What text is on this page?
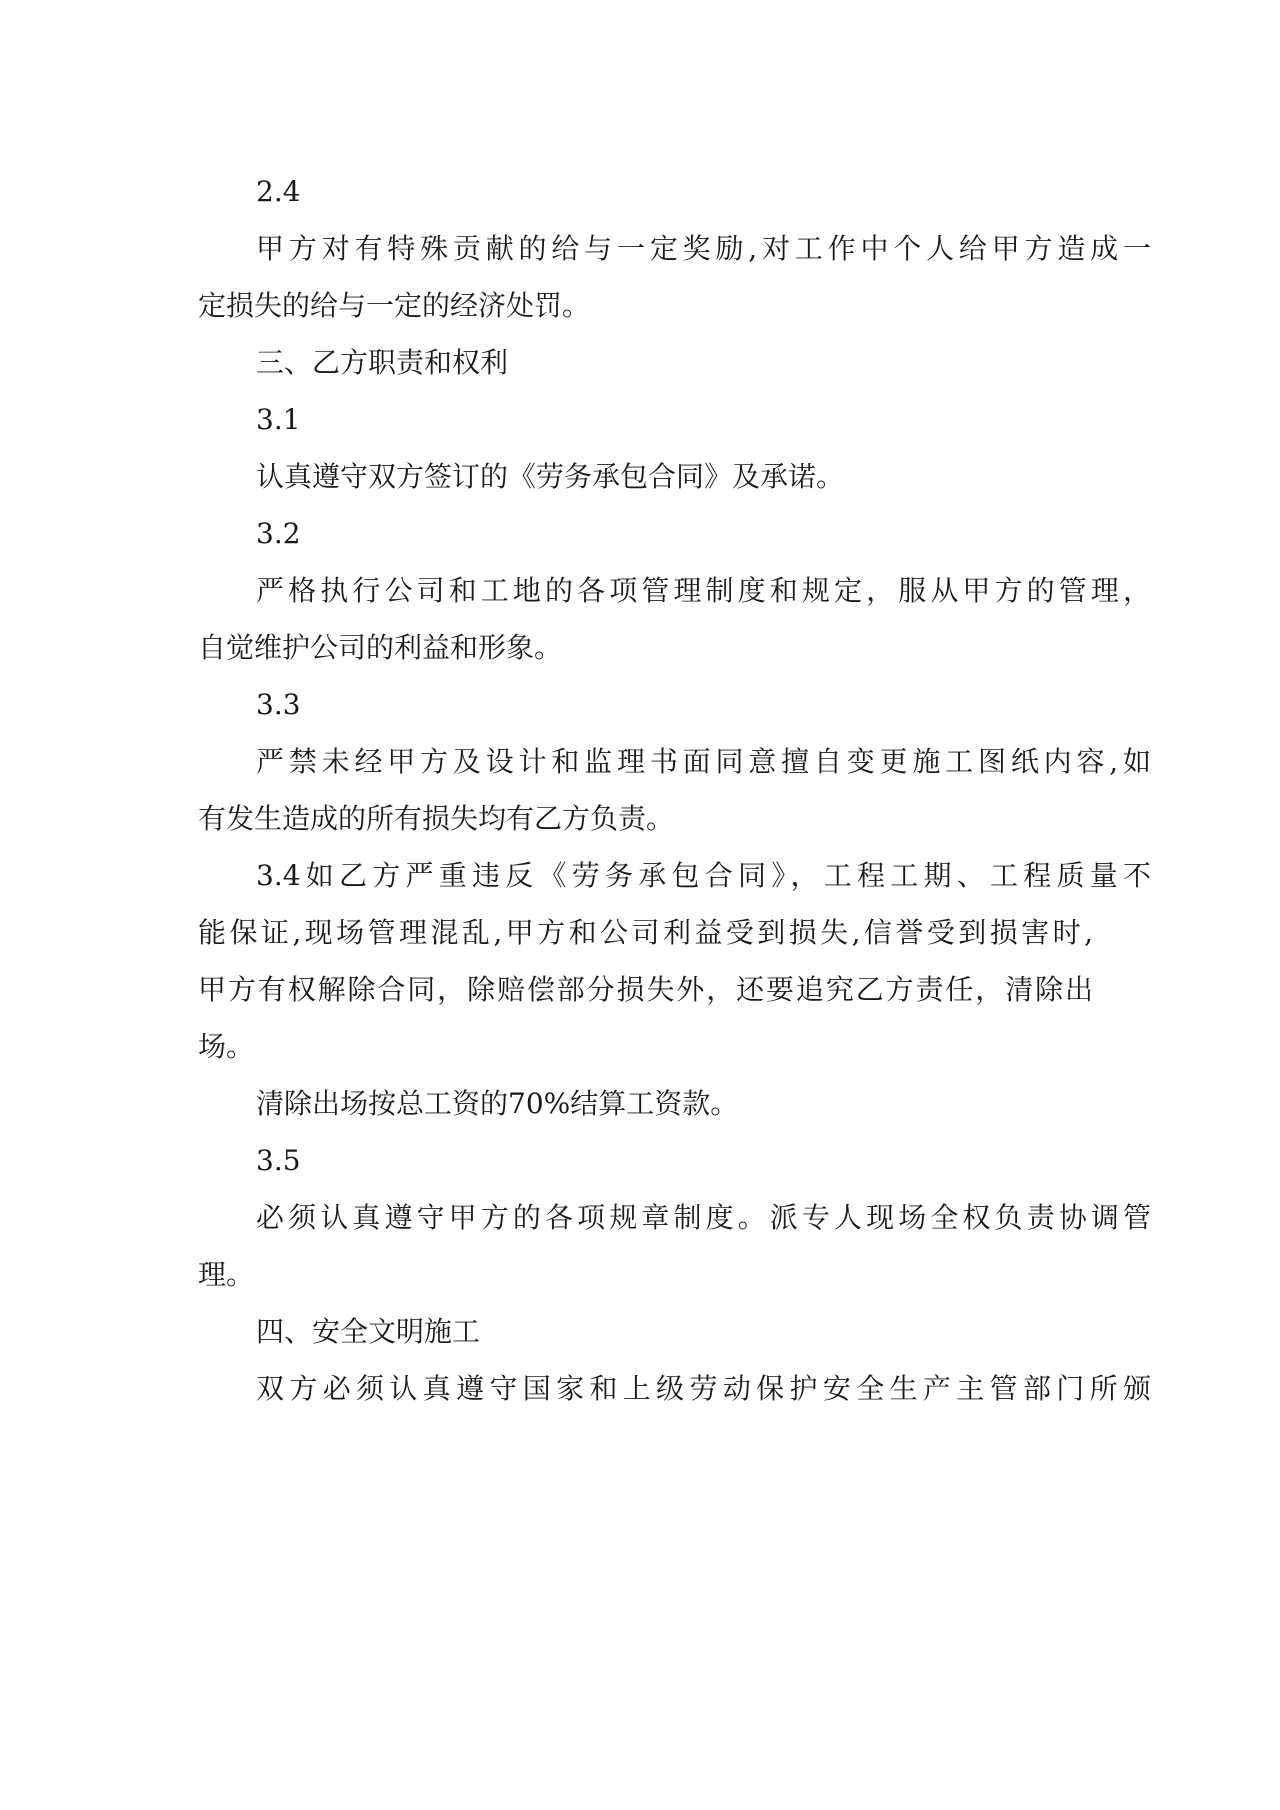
2.4
甲方对有特殊贡献的给与一定奖励,对工作中个人给甲方造成一
定损失的给与一定的经济处罚。
三、乙方职责和权利
3.1
认真遵守双方签订的《劳务承包合同》及承诺。
3.2
严格执行公司和工地的各项管理制度和规定，服从甲方的管理，
自觉维护公司的利益和形象。
3.3
严禁未经甲方及设计和监理书面同意擅自变更施工图纸内容,如
有发生造成的所有损失均有乙方负责。
3.4如乙方严重违反《劳务承包合同》，工程工期、工程质量不
能保证,现场管理混乱,甲方和公司利益受到损失,信誉受到损害时,
甲方有权解除合同，除赔偿部分损失外，还要追究乙方责任，清除出
场。
清除出场按总工资的70%结算工资款。
3.5
必须认真遵守甲方的各项规章制度。派专人现场全权负责协调管
理。
四、安全文明施工
双方必须认真遵守国家和上级劳动保护安全生产主管部门所颁
